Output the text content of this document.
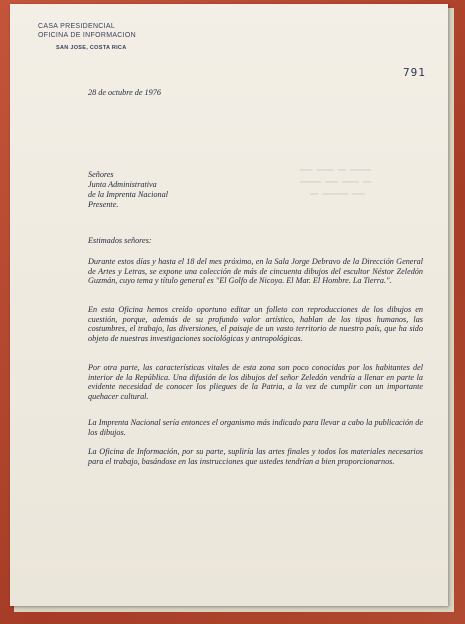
▬▬▬ ▬▬▬▬ ▬▬ ▬▬▬▬▬
▬▬▬▬▬ ▬▬▬ ▬▬▬▬ ▬▬
▬▬ ▬▬▬▬▬▬ ▬▬▬
CASA PRESIDENCIAL
OFICINA DE INFORMACION
SAN JOSE, COSTA RICA
791
28 de octubre de 1976
Señores
Junta Administrativa
de la Imprenta Nacional
Presente.
Estimados señores:

Durante estos días y hasta el 18 del mes próximo, en la Sala Jorge Debravo de la Dirección General de Artes y Letras, se expone una colección de más de cincuenta dibujos del escultor Néstor Zeledón Guzmán, cuyo tema y título general es "El Golfo de Nicoya. El Mar. El Hombre. La Tierra.".

En esta Oficina hemos creído oportuno editar un folleto con reproducciones de los dibujos en cuestión, porque, además de su profundo valor artístico, hablan de los tipos humanos, las costumbres, el trabajo, las diversiones, el paisaje de un vasto territorio de nuestro país, que ha sido objeto de nuestras investigaciones sociológicas y antropológicas.

Por otra parte, las características vitales de esta zona son poco conocidas por los habitantes del interior de la República. Una difusión de los dibujos del señor Zeledón vendría a llenar en parte la evidente necesidad de conocer los pliegues de la Patria, a la vez de cumplir con un importante quehacer cultural.

La Imprenta Nacional sería entonces el organismo más indicado para llevar a cabo la publicación de los dibujos.

La Oficina de Información, por su parte, supliría las artes finales y todos los materiales necesarios para el trabajo, basándose en las instrucciones que ustedes tendrían a bien proporcionarnos.
